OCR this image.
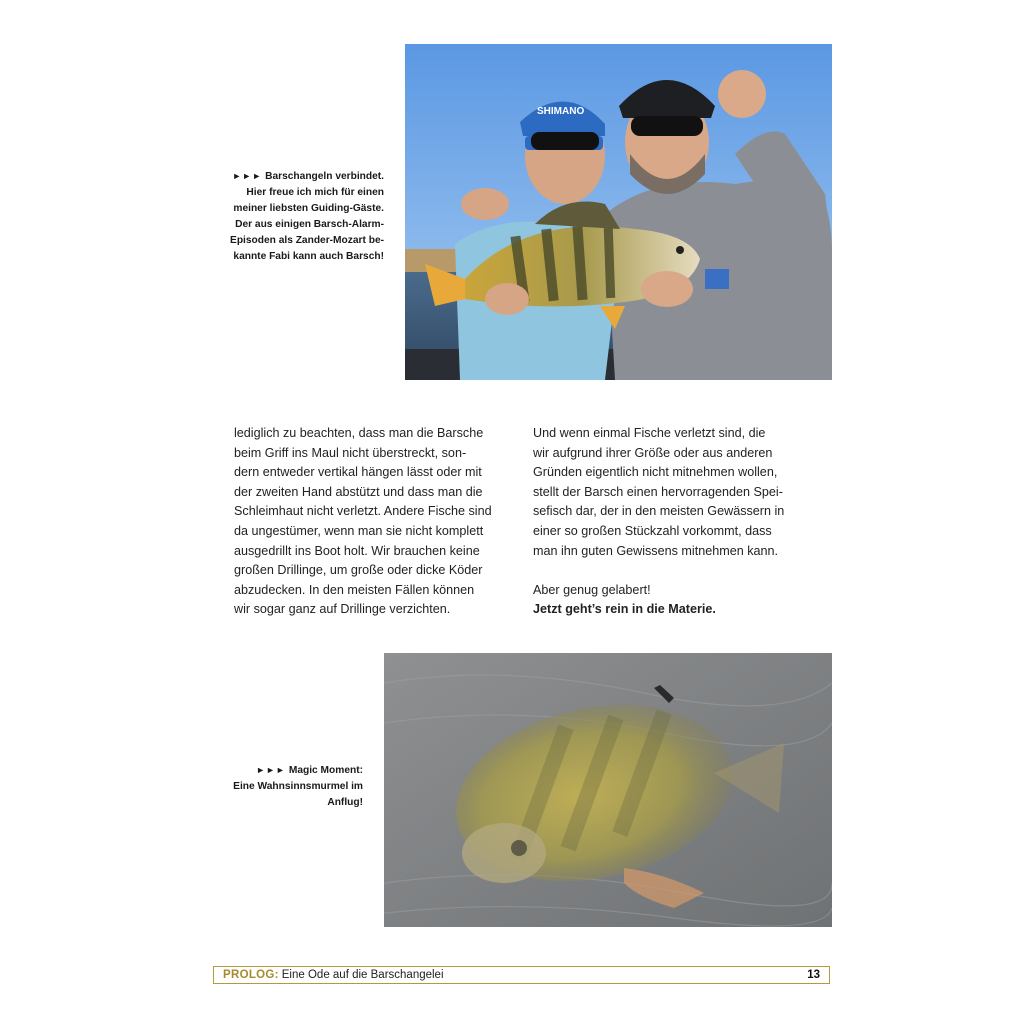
►►► Barschangeln verbindet.
Hier freue ich mich für einen
meiner liebsten Guiding-Gäste.
Der aus einigen Barsch-Alarm-
Episoden als Zander-Mozart be-
kannte Fabi kann auch Barsch!
SHIMANO
lediglich zu beachten, dass man die Barsche
beim Griff ins Maul nicht überstreckt, son-
dern entweder vertikal hängen lässt oder mit
der zweiten Hand abstützt und dass man die
Schleimhaut nicht verletzt. Andere Fische sind
da ungestümer, wenn man sie nicht komplett
ausgedrillt ins Boot holt. Wir brauchen keine
großen Drillinge, um große oder dicke Köder
abzudecken. In den meisten Fällen können
wir sogar ganz auf Drillinge verzichten.
Und wenn einmal Fische verletzt sind, die
wir aufgrund ihrer Größe oder aus anderen
Gründen eigentlich nicht mitnehmen wollen,
stellt der Barsch einen hervorragenden Spei-
sefisch dar, der in den meisten Gewässern in
einer so großen Stückzahl vorkommt, dass
man ihn guten Gewissens mitnehmen kann.
Aber genug gelabert!
Jetzt geht’s rein in die Materie.
►►► Magic Moment:
Eine Wahnsinnsmurmel im
Anflug!
PROLOG: Eine Ode auf die Barschangelei	13
